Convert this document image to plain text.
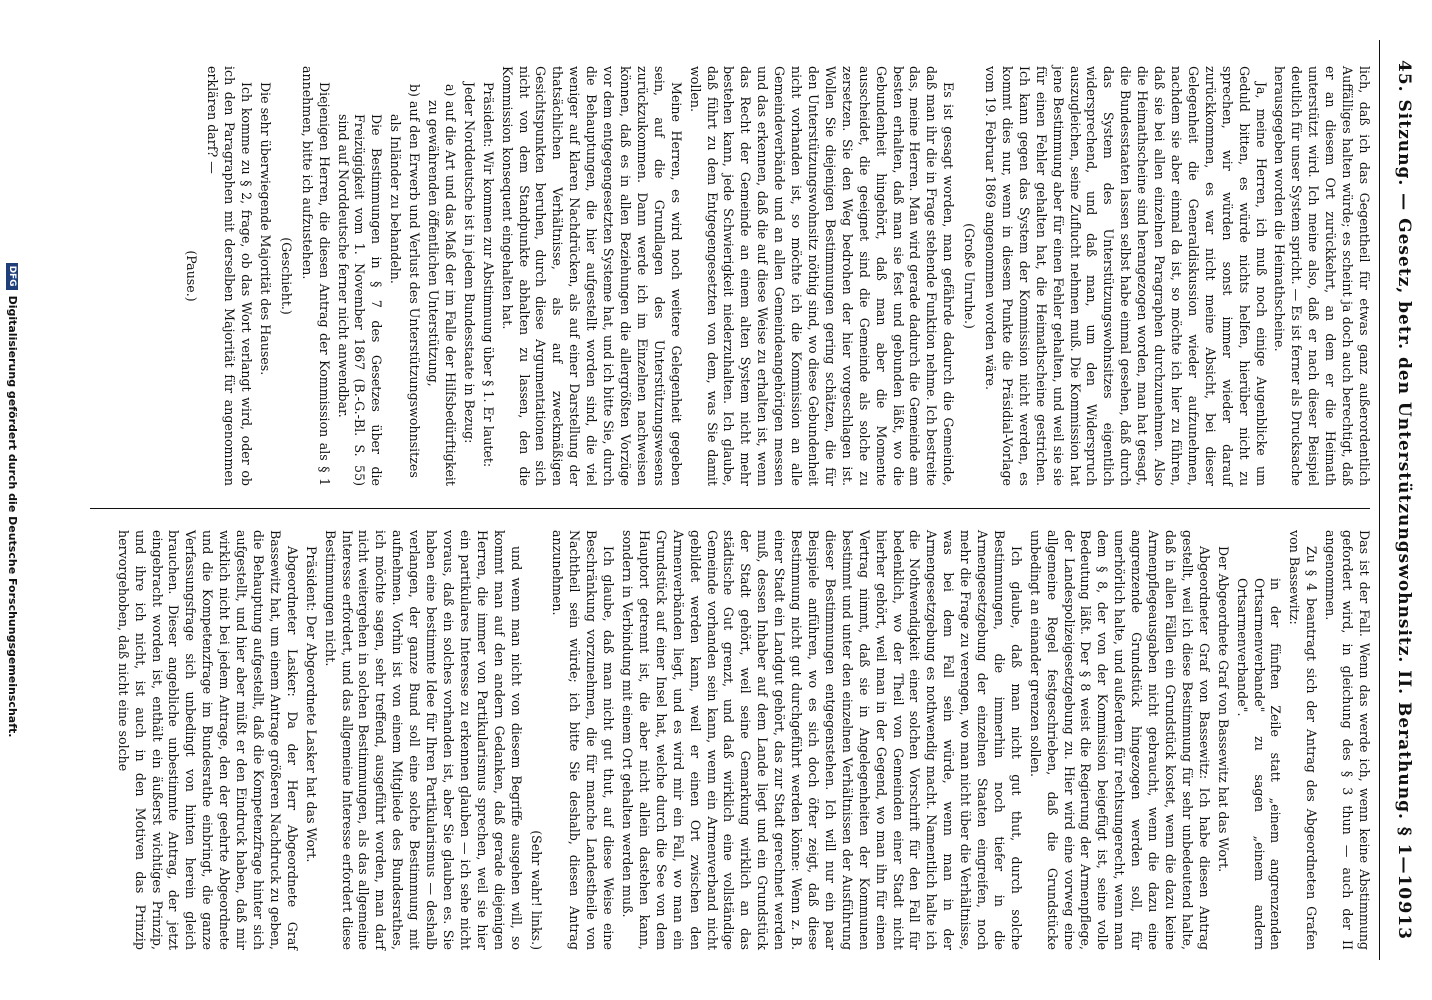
45. Sitzung. — Gesetz, betr. den Unterstützungswohnsitz. II. Berathung. § 1—10.
913

lich, daß ich das Gegentheil für etwas ganz außerordentlich Auffälliges halten würde; es scheint ja doch auch berechtigt, daß er an diesem Ort zurückkehrt, an dem er die Heimath unterstützt wird. Ich meine also, daß er nach dieser Beispiel deutlich für unser System spricht. — Es ist ferner als Drucksache herausgegeben worden die Heimathscheine.

Ja, meine Herren, ich muß noch einige Augenblicke um Geduld bitten, es würde nichts helfen, hierüber nicht zu sprechen, wir würden sonst immer wieder darauf zurückkommen, es war nicht meine Absicht, bei dieser Gelegenheit die Generaldiskussion wieder aufzunehmen, nachdem sie aber einmal da ist, so möchte ich hier zu führen, daß sie bei allen einzelnen Paragraphen durchzunehmen. Also die Heimathscheine sind herangezogen worden, man hat gesagt, die Bundesstaaten lassen selbst habe einmal gesehen, daß durch das System des Unterstützungswohnsitzes eigentlich widersprechend, und daß man, um den Widerspruch auszugleichen, seine Zuflucht nehmen muß. Die Kommission hat jene Bestimmung aber für einen Fehler gehalten, und weil sie sie für einen Fehler gehalten hat, die Heimathscheine gestrichen. Ich kann gegen das System der Kommission nicht werden, es kommt dies nur, wenn in diesem Punkte die Präsidial-Vorlage vom 19. Februar 1869 angenommen worden wäre.

(Große Unruhe.)

Es ist gesagt worden, man gefährde dadurch die Gemeinde, daß man ihr die in Frage stehende Funktion nehme. Ich bestreite das, meine Herren. Man wird gerade dadurch die Gemeinde am besten erhalten, daß man sie fest und gebunden läßt, wo die Gebundenheit hingehört, daß man aber die Momente ausscheidet, die geeignet sind die Gemeinde als solche zu zersetzen. Sie den Weg bedrohen der hier vorgeschlagen ist. Wollen Sie diejenigen Bestimmungen gering schätzen, die für den Unterstützungswohnsitz nöthig sind, wo diese Gebundenheit nicht vorhanden ist, so möchte ich die Kommission an alle Gemeindeverbände und an allen Gemeindeangehörigen messen und das erkennen, daß die auf diese Weise zu erhalten ist, wenn das Recht der Gemeinde an einem alten System nicht mehr bestehen kann, jede Schwierigkeit niederzuhalten. Ich glaube, daß führt zu dem Entgegengesetzten von dem, was Sie damit wollen.

Meine Herren, es wird noch weitere Gelegenheit gegeben sein, auf die Grundlagen des Unterstützungswesens zurückzukommen. Dann werde ich im Einzelnen nachweisen können, daß es in allen Beziehungen die allergrößten Vorzüge vor dem entgegengesetzten Systeme hat, und ich bitte Sie, durch die Behauptungen, die hier aufgestellt worden sind, die viel weniger auf klaren Nachdrücken, als auf einer Darstellung der thatsächlichen Verhältnisse, als auf zweckmäßigen Gesichtspunkten beruhen, durch diese Argumentationen sich nicht von dem Standpunkte abhalten zu lassen, den die Kommission konsequent eingehalten hat.

Präsident: Wir kommen zur Abstimmung über § 1. Er lautet:

Jeder Norddeutsche ist in jedem Bundesstaate in Bezug:

a) auf die Art und das Maß der im Falle der Hilfsbedürftigkeit zu gewährenden öffentlichen Unterstützung,

b) auf den Erwerb und Verlust des Unterstützungswohnsitzes

als Inländer zu behandeln.

Die Bestimmungen in § 7 des Gesetzes über die Freizügigkeit vom 1. November 1867 (B.-G.-Bl. S. 55) sind auf Norddeutsche ferner nicht anwendbar.

Diejenigen Herren, die diesen Antrag der Kommission als § 1 annehmen, bitte ich aufzustehen.

(Geschieht.)

Die sehr überwiegende Majorität des Hauses.

Ich komme zu § 2, frage, ob das Wort verlangt wird, oder ob ich den Paragraphen mit derselben Majorität für angenommen erklären darf? —

(Pause.)

Das ist der Fall. Wenn das werde ich, wenn keine Abstimmung gefordert wird, in gleichung des § 3 thun — auch der II angenommen.

Zu § 4 beantragt sich der Antrag des Abgeordneten Grafen von Bassewitz:

in der fünften Zeile statt „einem angrenzenden Ortsarmenverbande" zu sagen „einem andern Ortsarmenverbande".

Der Abgeordnete Graf von Bassewitz hat das Wort.

Abgeordneter Graf von Bassewitz: Ich habe diesen Antrag gestellt, weil ich diese Bestimmung für sehr unbedeutend halte, daß in allen Fällen ein Grundstück kostet, wenn die dazu keine Armenpflegeausgaben nicht gebraucht, wenn die dazu eine angrenzende Grundstück hingezogen werden soll, für unerhörlich halte, und außerdem für rechtsungerecht, wenn man dem § 8, der von der Kommission beigefügt ist, seine volle Bedeutung läßt. Der § 8 weist die Regierung der Armenpflege, der Landespolizeigesetzgebung zu. Hier wird eine vorweg eine allgemeine Regel festgeschrieben, daß die Grundstücke unbedingt an einander grenzen sollen.

Ich glaube, daß man nicht gut thut, durch solche Bestimmungen, die immerhin noch tiefer in die Armengesetzgebung der einzelnen Staaten eingreifen, noch mehr die Frage zu verengen, wo man nicht über die Verhältnisse, was bei dem Fall sein würde, wenn man in der Armengesetzgebung es nothwendig macht. Namentlich halte ich die Nothwendigkeit einer solchen Vorschrift für den Fall für bedenklich, wo der Theil von Gemeinden einer Stadt nicht hierher gehört, weil man in der Gegend, wo man ihn für einen Vertrag nimmt, daß sie in Angelegenheiten der Kommunen bestimmt und unter den einzelnen Verhältnissen der Ausführung dieser Bestimmungen entgegenstehen. Ich will nur ein paar Beispiele anführen, wo es sich doch öfter zeigt, daß diese Bestimmung nicht gut durchgeführt werden könne: Wenn z. B. einer Stadt ein Landgut gehört, das zur Stadt gerechnet werden muß, dessen Inhaber auf dem Lande liegt und ein Grundstück der Stadt gehört, weil seine Gemarkung wirklich an das städtische Gut grenzt, und daß wirklich eine vollständige Gemeinde vorhanden sein kann, wenn ein Armenverband nicht gebildet werden kann, weil er einen Ort zwischen den Armenverbänden liegt, und es wird mir ein Fall, wo man ein Grundstück auf einer Insel hat, welche durch die See von dem Hauptort getrennt ist, die aber nicht allein dastehen kann, sondern in Verbindung mit einem Ort gehalten werden muß.

Ich glaube, daß man nicht gut thut, auf diese Weise eine Beschränkung vorzunehmen, die für manche Landestheile von Nachtheil sein würde; ich bitte Sie deshalb, diesen Antrag anzunehmen.

(Sehr wahr! links.)

und wenn man nicht von diesem Begriffe ausgehen will, so kommt man auf den andern Gedanken, daß gerade diejenigen Herren, die immer von Partikularismus sprechen, weil sie hier ein partikulares Interesse zu erkennen glauben — ich sehe nicht voraus, daß ein solches vorhanden ist, aber Sie glauben es. Sie haben eine bestimmte Idee für Ihren Partikularismus — deshalb verlangen, der ganze Bund soll eine solche Bestimmung mit aufnehmen. Vorhin ist von einem Mitgliede des Bundesrathes, ich möchte sagen, sehr treffend, ausgeführt worden, man darf nicht weitergehen in solchen Bestimmungen, als das allgemeine Interesse erfordert, und das allgemeine Interesse erfordert diese Bestimmungen nicht.

Präsident: Der Abgeordnete Lasker hat das Wort.

Abgeordneter Lasker: Da der Herr Abgeordnete Graf Bassewitz hat, um einem Antrage größeren Nachdruck zu geben, die Behauptung aufgestellt, daß die Kompetenzfrage hinter sich aufgestellt, und hier aber müßt er den Eindruck haben, daß mir wirklich nicht bei jedem Antrage, den der geehrte Abgeordnete und die Kompetenzfrage im Bundesrathe einbringt, die ganze Verfassungsfrage sich unbedingt von hinten herein gleich brauchen. Dieser angebliche unbestimmte Antrag, der jetzt eingebracht worden ist, enthält ein äußerst wichtiges Prinzip, und ihre ich nicht, ist auch in den Motiven das Prinzip hervorgehoben, daß nicht eine solche

DFGDigitalisierung gefördert durch die Deutsche Forschungsgemeinschaft.
